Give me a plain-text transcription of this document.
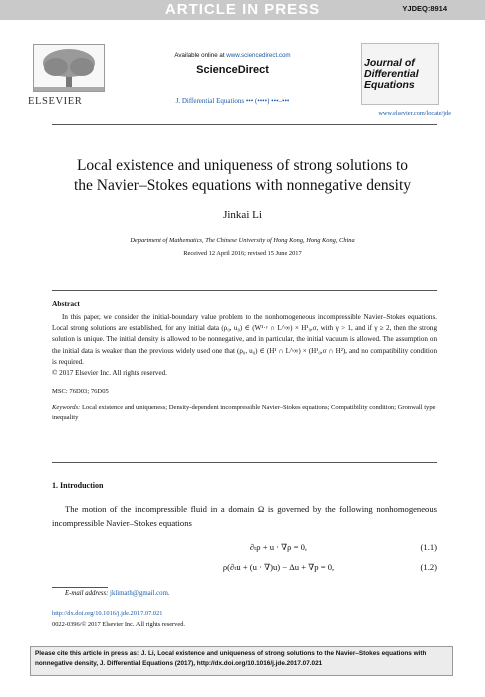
ARTICLE IN PRESS	YJDEQ:8914
ELSEVIER
Available online at www.sciencedirect.com
ScienceDirect
J. Differential Equations ••• (••••) •••–•••
Journal of
Differential
Equations
www.elsevier.com/locate/jde
Local existence and uniqueness of strong solutions to
the Navier–Stokes equations with nonnegative density
Jinkai Li
Department of Mathematics, The Chinese University of Hong Kong, Hong Kong, China
Received 12 April 2016; revised 15 June 2017
Abstract

In this paper, we consider the initial-boundary value problem to the nonhomogeneous incompressible Navier–Stokes equations. Local strong solutions are established, for any initial data (ρ₀, u₀) ∈ (W¹·ᵞ ∩ L^∞) × H¹₀,σ, with γ > 1, and if γ ≥ 2, then the strong solution is unique. The initial density is allowed to be nonnegative, and in particular, the initial vacuum is allowed. The assumption on the initial data is weaker than the previous widely used one that (ρ₀, u₀) ∈ (H¹ ∩ L^∞) × (H¹₀,σ ∩ H²), and no compatibility condition is required.

© 2017 Elsevier Inc. All rights reserved.
MSC: 76D03; 76D05
Keywords: Local existence and uniqueness; Density-dependent incompressible Navier–Stokes equations; Compatibility condition; Gronwall type inequality
1. Introduction

The motion of the incompressible fluid in a domain Ω is governed by the following nonhomogeneous incompressible Navier–Stokes equations

∂ₜρ + u · ∇ρ = 0,	(1.1)
ρ(∂ₜu + (u · ∇)u) − Δu + ∇p = 0,	(1.2)
E-mail address: jklimath@gmail.com.
http://dx.doi.org/10.1016/j.jde.2017.07.021
0022-0396/© 2017 Elsevier Inc. All rights reserved.
Please cite this article in press as: J. Li, Local existence and uniqueness of strong solutions to the Navier–Stokes equations with nonnegative density, J. Differential Equations (2017), http://dx.doi.org/10.1016/j.jde.2017.07.021
